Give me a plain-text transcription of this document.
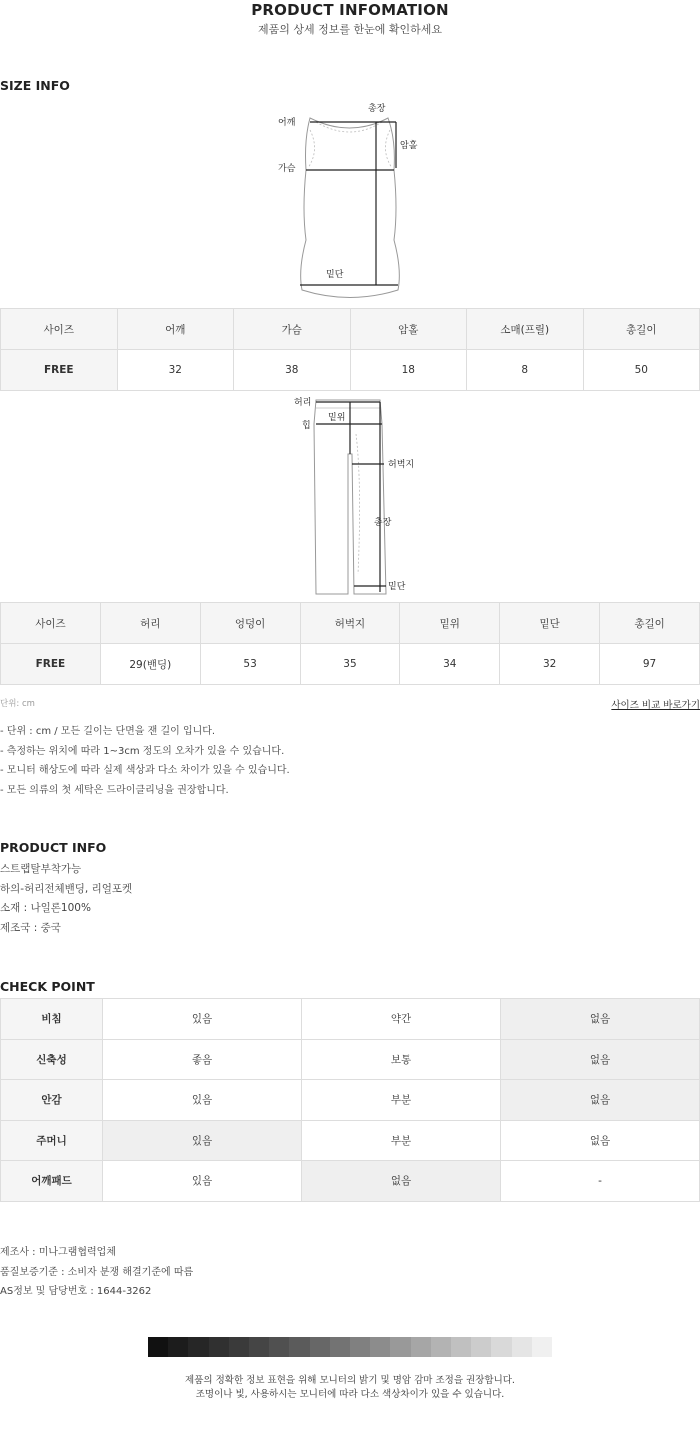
PRODUCT INFOMATION
제품의 상세 정보를 한눈에 확인하세요
SIZE INFO
어깨
총장
암홀
가슴
밑단
사이즈	어깨	가슴	암홀	소매(프릴)	총길이
FREE	32	38	18	8	50
허리
힙
밑위
허벅지
총장
밑단
사이즈	허리	엉덩이	허벅지	밑위	밑단	총길이
FREE	29(밴딩)	53	35	34	32	97
단위: cm	사이즈 비교 바로가기
- 단위 : cm / 모든 길이는 단면을 잰 길이 입니다.
- 측정하는 위치에 따라 1~3cm 정도의 오차가 있을 수 있습니다.
- 모니터 해상도에 따라 실제 색상과 다소 차이가 있을 수 있습니다.
- 모든 의류의 첫 세탁은 드라이클리닝을 권장합니다.
PRODUCT INFO
스트랩탈부착가능
하의-허리전체밴딩, 리얼포켓
소재 : 나일론100%
제조국 : 중국
CHECK POINT
비침	있음	약간	없음
신축성	좋음	보통	없음
안감	있음	부분	없음
주머니	있음	부분	없음
어깨패드	있음	없음	-
제조사 : 미나그램협력업체
품질보증기준 : 소비자 분쟁 해결기준에 따름
AS정보 및 담당번호 : 1644-3262
제품의 정확한 정보 표현을 위해 모니터의 밝기 및 명암 감마 조정을 권장합니다.
조명이나 빛, 사용하시는 모니터에 따라 다소 색상차이가 있을 수 있습니다.
